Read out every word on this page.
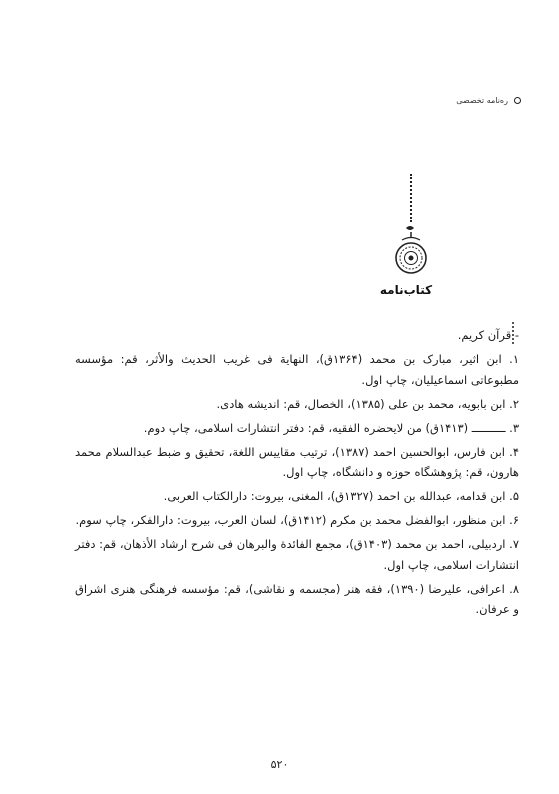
ره‌نامه تخصصی
کتاب‌نامه
- قرآن کریم.
۱. ابن اثیر، مبارک بن محمد (۱۳۶۴ق)، النهایة فی غریب الحدیث والأثر، قم: مؤسسه مطبوعاتی اسماعیلیان، چاپ اول.
۲. ابن بابویه، محمد بن علی (۱۳۸۵)، الخصال، قم: اندیشه هادی.
۳. ــــــــــ (۱۴۱۳ق) من لایحضره الفقیه، قم: دفتر انتشارات اسلامی، چاپ دوم.
۴. ابن فارس، ابوالحسین احمد (۱۳۸۷)، ترتیب مقاییس اللغة، تحقیق و ضبط عبدالسلام محمد هارون، قم: پژوهشگاه حوزه و دانشگاه، چاپ اول.
۵. ابن قدامه، عبدالله بن احمد (۱۳۲۷ق)، المغنی، بیروت: دارالکتاب العربی.
۶. ابن منظور، ابوالفضل محمد بن مکرم (۱۴۱۲ق)، لسان العرب، بیروت: دارالفکر، چاپ سوم.
۷. اردبیلی، احمد بن محمد (۱۴۰۳ق)، مجمع الفائدة والبرهان فی شرح ارشاد الأذهان، قم: دفتر انتشارات اسلامی، چاپ اول.
۸. اعرافی، علیرضا (۱۳۹۰)، فقه هنر (مجسمه و نقاشی)، قم: مؤسسه فرهنگی هنری اشراق و عرفان.
۵۲۰
